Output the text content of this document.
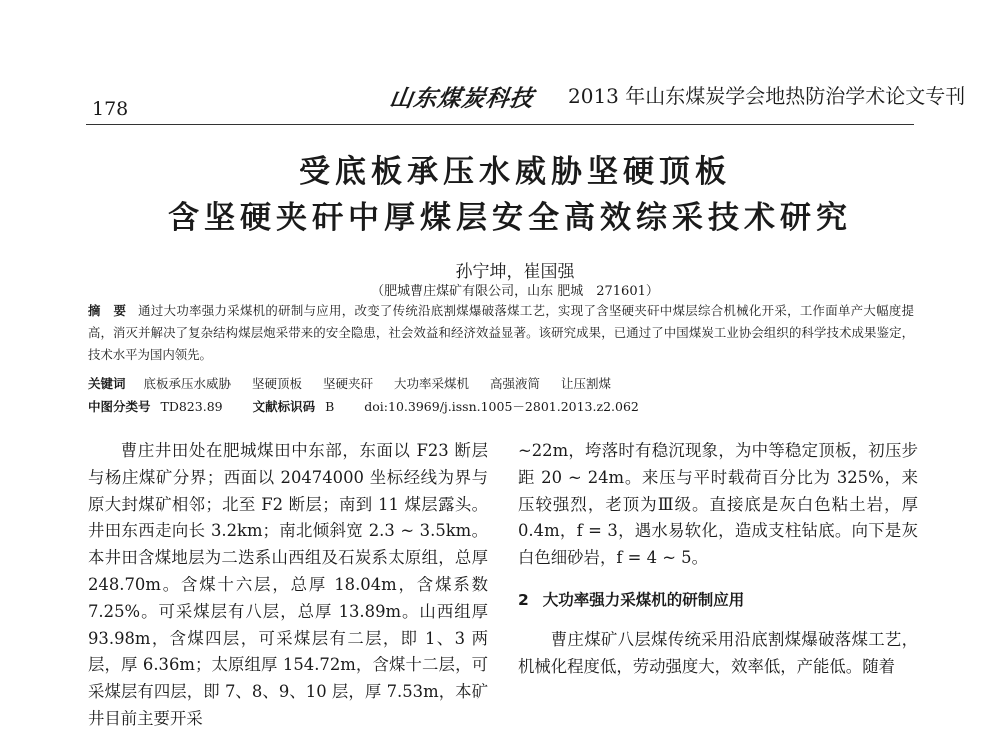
178	山东煤炭科技 2013 年山东煤炭学会地热防治学术论文专刊
受底板承压水威胁坚硬顶板
含坚硬夹矸中厚煤层安全高效综采技术研究
孙宁坤，崔国强
（肥城曹庄煤矿有限公司，山东 肥城　271601）
摘　要 通过大功率强力采煤机的研制与应用，改变了传统沿底割煤爆破落煤工艺，实现了含坚硬夹矸中煤层综合机械化开采，工作面单产大幅度提高，消灭并解决了复杂结构煤层炮采带来的安全隐患，社会效益和经济效益显著。该研究成果，已通过了中国煤炭工业协会组织的科学技术成果鉴定，技术水平为国内领先。
关键词 底板承压水威胁 坚硬顶板 坚硬夹矸 大功率采煤机 高强液简 让压割煤
中图分类号 TD823.89 文献标识码 B doi:10.3969/j.issn.1005－2801.2013.z2.062

曹庄井田处在肥城煤田中东部，东面以 F23 断层与杨庄煤矿分界；西面以 20474000 坐标经线为界与原大封煤矿相邻；北至 F2 断层；南到 11 煤层露头。井田东西走向长 3.2km；南北倾斜宽 2.3 ~ 3.5km。本井田含煤地层为二迭系山西组及石炭系太原组，总厚 248.70m。含煤十六层，总厚 18.04m，含煤系数 7.25%。可采煤层有八层，总厚 13.89m。山西组厚 93.98m，含煤四层，可采煤层有二层，即 1、3 两层，厚 6.36m；太原组厚 154.72m，含煤十二层，可采煤层有四层，即 7、8、9、10 层，厚 7.53m，本矿井目前主要开采

~22m，垮落时有稳沉现象，为中等稳定顶板，初压步距 20 ~ 24m。来压与平时载荷百分比为 325%，来压较强烈，老顶为Ⅲ级。直接底是灰白色粘土岩，厚 0.4m，f = 3，遇水易软化，造成支柱钻底。向下是灰白色细砂岩，f = 4 ~ 5。

2 大功率强力采煤机的研制应用

曹庄煤矿八层煤传统采用沿底割煤爆破落煤工艺，机械化程度低，劳动强度大，效率低，产能低。随着
